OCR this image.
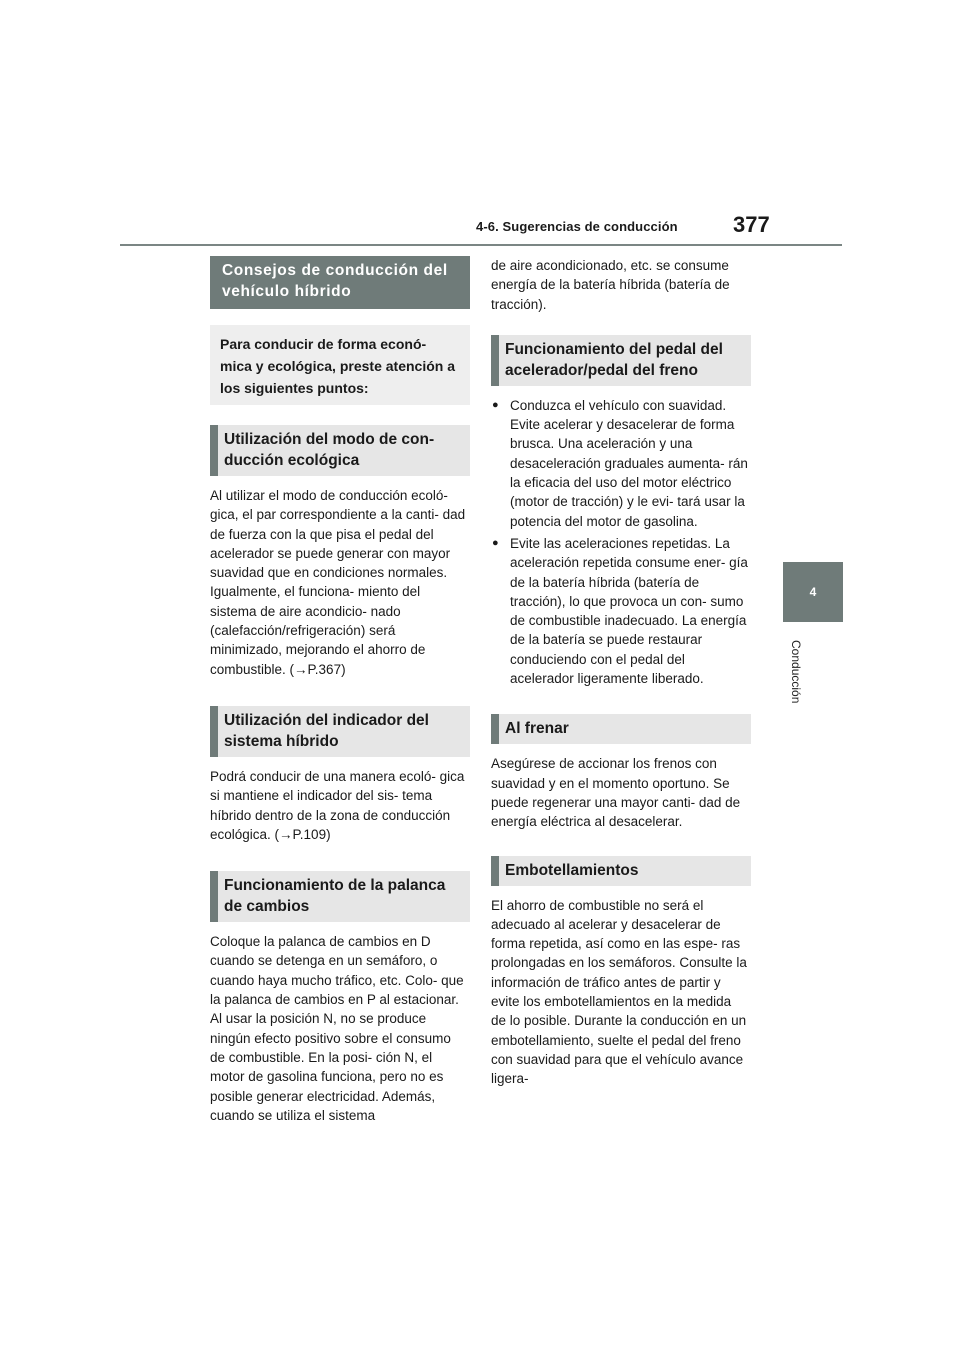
4-6. Sugerencias de conducción	377
4
Conducción
Consejos de conducción del vehículo híbrido
Para conducir de forma econó- mica y ecológica, preste atención a los siguientes puntos:
Utilización del modo de con- ducción ecológica

Al utilizar el modo de conducción ecoló- gica, el par correspondiente a la canti- dad de fuerza con la que pisa el pedal del acelerador se puede generar con mayor suavidad que en condiciones normales. Igualmente, el funciona- miento del sistema de aire acondicio- nado (calefacción/refrigeración) será minimizado, mejorando el ahorro de combustible. (→P.367)

Utilización del indicador del sistema híbrido

Podrá conducir de una manera ecoló- gica si mantiene el indicador del sis- tema híbrido dentro de la zona de conducción ecológica. (→P.109)

Funcionamiento de la palanca de cambios

Coloque la palanca de cambios en D cuando se detenga en un semáforo, o cuando haya mucho tráfico, etc. Colo- que la palanca de cambios en P al estacionar. Al usar la posición N, no se produce ningún efecto positivo sobre el consumo de combustible. En la posi- ción N, el motor de gasolina funciona, pero no es posible generar electricidad. Además, cuando se utiliza el sistema

de aire acondicionado, etc. se consume energía de la batería híbrida (batería de tracción).

Funcionamiento del pedal del acelerador/pedal del freno
● Conduzca el vehículo con suavidad. Evite acelerar y desacelerar de forma brusca. Una aceleración y una desaceleración graduales aumenta- rán la eficacia del uso del motor eléctrico (motor de tracción) y le evi- tará usar la potencia del motor de gasolina.
● Evite las aceleraciones repetidas. La aceleración repetida consume ener- gía de la batería híbrida (batería de tracción), lo que provoca un con- sumo de combustible inadecuado. La energía de la batería se puede restaurar conduciendo con el pedal del acelerador ligeramente liberado.
Al frenar

Asegúrese de accionar los frenos con suavidad y en el momento oportuno. Se puede regenerar una mayor canti- dad de energía eléctrica al desacelerar.

Embotellamientos

El ahorro de combustible no será el adecuado al acelerar y desacelerar de forma repetida, así como en las espe- ras prolongadas en los semáforos. Consulte la información de tráfico antes de partir y evite los embotellamientos en la medida de lo posible. Durante la conducción en un embotellamiento, suelte el pedal del freno con suavidad para que el vehículo avance ligera-
